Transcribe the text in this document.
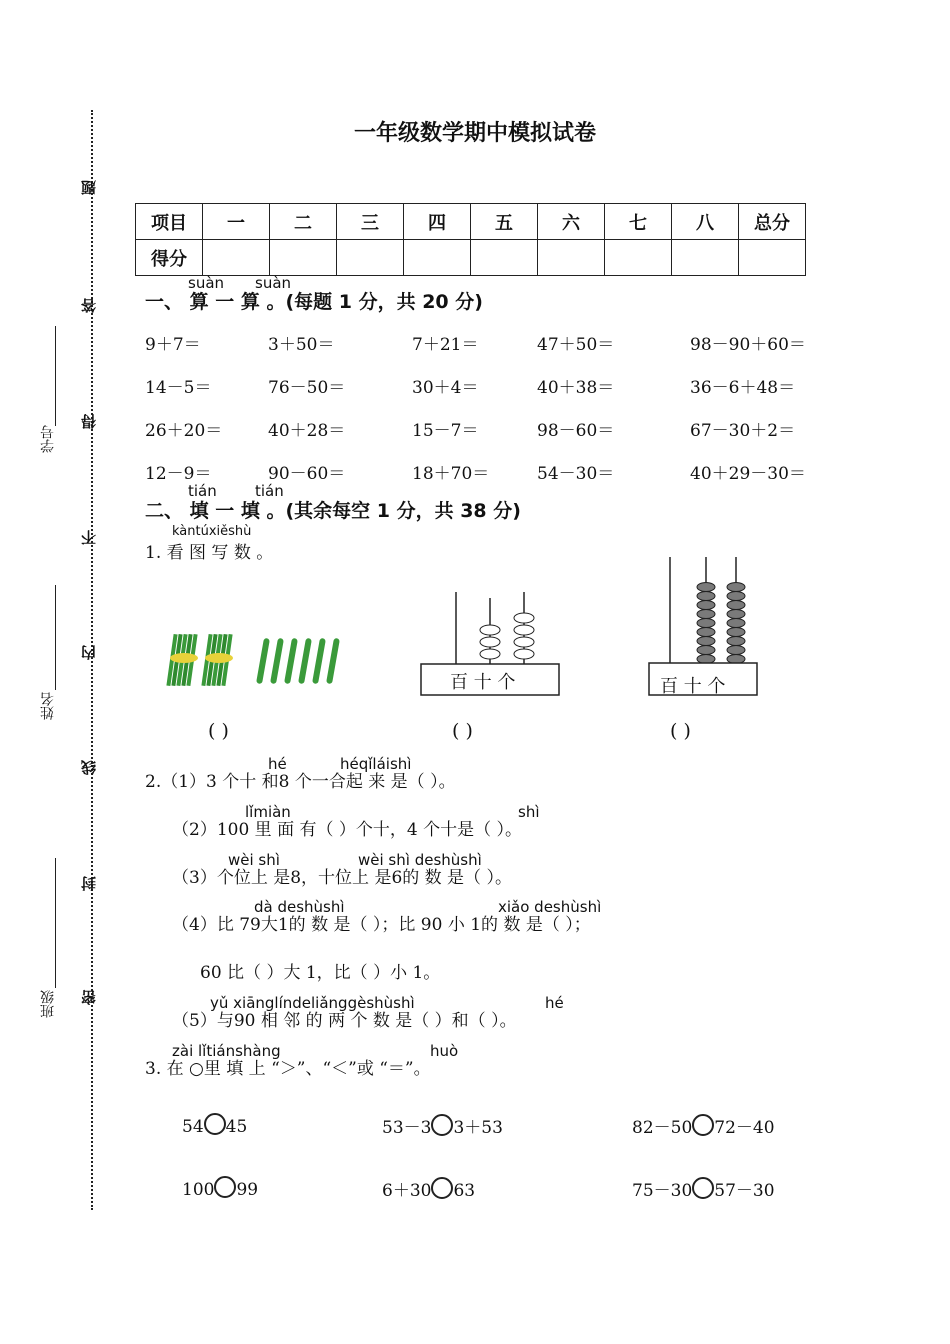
题
答
得
不
内
线
封
密
学号
姓名
班级
一年级数学期中模拟试卷
项目	一	二	三	四	五	六	七	八	总分
得分									
suàn suàn
一、 算 一 算 。(每题 1 分，共 20 分)
9＋7＝	3＋50＝	7＋21＝	47＋50＝	98－90＋60＝
14－5＝	76－50＝	30＋4＝	40＋38＝	36－6＋48＝
26＋20＝	40＋28＝	15－7＝	98－60＝	67－30＋2＝
12－9＝	90－60＝	18＋70＝	54－30＝	40＋29－30＝
tián	tián
二、 填 一 填 。(其余每空 1 分，共 38 分)
kàntúxiěshù
1. 看 图 写 数 。
百 十 个	百 十 个
( )	( )	( )
hé	héqǐláishì
2.（1）3 个十 和8 个一合起 来 是（ ）。
lǐmiàn	shì
（2）100 里 面 有（ ）个十，4 个十是（ ）。
wèi shì	wèi shì deshùshì
（3）个位上 是8，十位上 是6的 数 是（ ）。
dà deshùshì	xiǎo deshùshì
（4）比 79大1的 数 是（ ）；比 90 小 1的 数 是（ ）；
60 比（ ）大 1，比（ ）小 1。
yǔ xiānglíndeliǎnggèshùshì	hé
（5）与90 相 邻 的 两 个 数 是（ ）和（ ）。
zài lǐtiánshàng	huò
3. 在 ○里 填 上 “＞”、“＜”或 “＝”。
54 45	53－3 3＋53	82－50 72－40
100 99	6＋30 63	75－30 57－30
